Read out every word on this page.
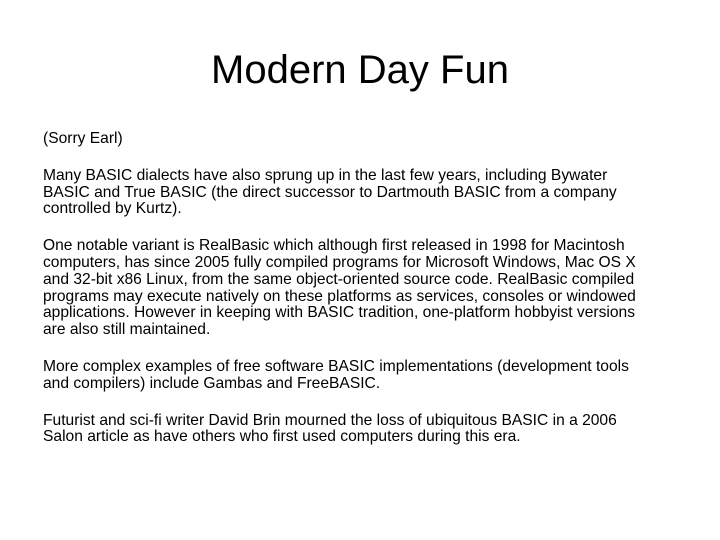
Modern Day Fun

(Sorry Earl)

Many BASIC dialects have also sprung up in the last few years, including Bywater
BASIC and True BASIC (the direct successor to Dartmouth BASIC from a company
controlled by Kurtz).

One notable variant is RealBasic which although first released in 1998 for Macintosh
computers, has since 2005 fully compiled programs for Microsoft Windows, Mac OS X
and 32-bit x86 Linux, from the same object-oriented source code. RealBasic compiled
programs may execute natively on these platforms as services, consoles or windowed
applications. However in keeping with BASIC tradition, one-platform hobbyist versions
are also still maintained.

More complex examples of free software BASIC implementations (development tools
and compilers) include Gambas and FreeBASIC.

Futurist and sci-fi writer David Brin mourned the loss of ubiquitous BASIC in a 2006
Salon article as have others who first used computers during this era.
